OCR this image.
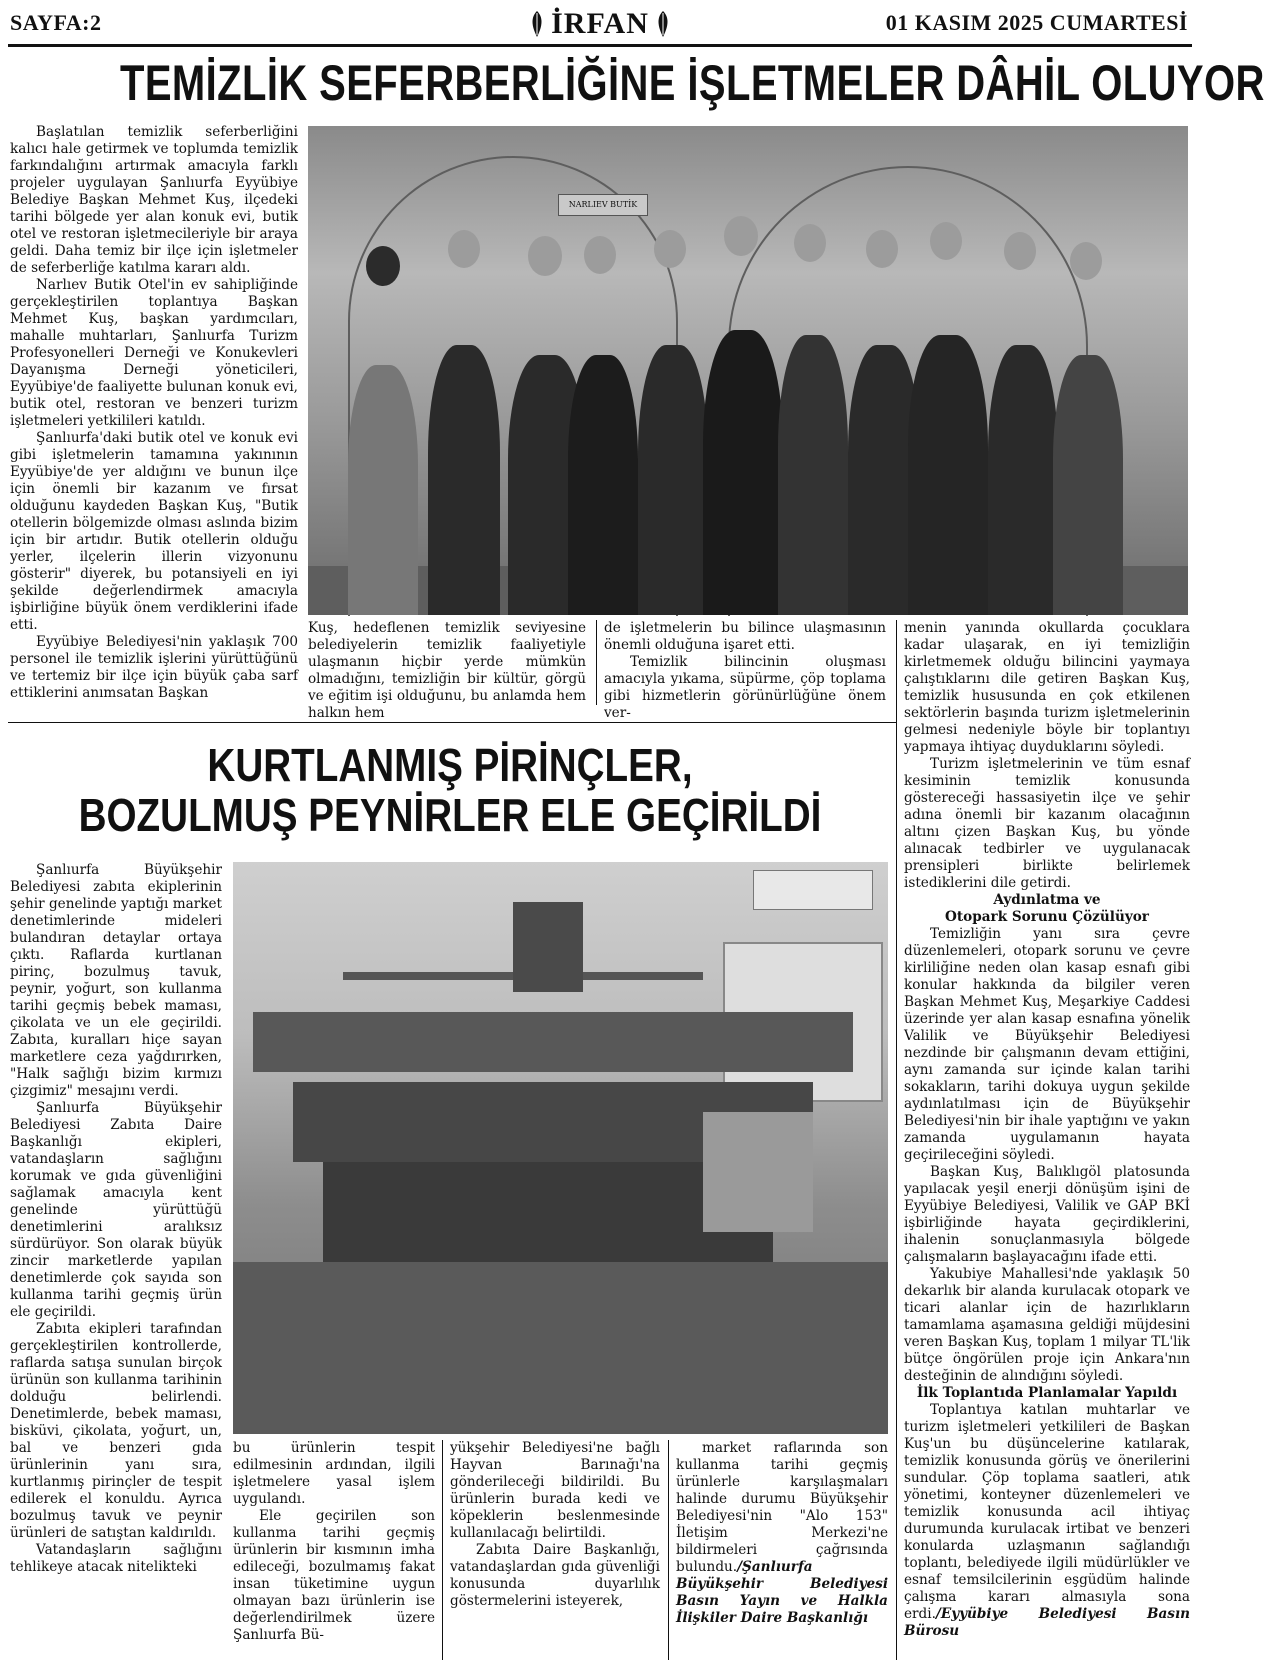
SAYFA:2	İRFAN	01 KASIM 2025 CUMARTESİ
TEMİZLİK SEFERBERLİĞİNE İŞLETMELER DÂHİL OLUYOR

Başlatılan temizlik seferberliğini kalıcı hale getirmek ve toplumda temizlik farkındalığını artırmak amacıyla farklı projeler uygulayan Şanlıurfa Eyyübiye Belediye Başkan Mehmet Kuş, ilçedeki tarihi bölgede yer alan konuk evi, butik otel ve restoran işletmecileriyle bir araya geldi. Daha temiz bir ilçe için işletmeler de seferberliğe katılma kararı aldı.

Narlıev Butik Otel'in ev sahipliğinde gerçekleştirilen toplantıya Başkan Mehmet Kuş, başkan yardımcıları, mahalle muhtarları, Şanlıurfa Turizm Profesyonelleri Derneği ve Konukevleri Dayanışma Derneği yöneticileri, Eyyübiye'de faaliyette bulunan konuk evi, butik otel, restoran ve benzeri turizm işletmeleri yetkilileri katıldı.

Şanlıurfa'daki butik otel ve konuk evi gibi işletmelerin tamamına yakınının Eyyübiye'de yer aldığını ve bunun ilçe için önemli bir kazanım ve fırsat olduğunu kaydeden Başkan Kuş, "Butik otellerin bölgemizde olması aslında bizim için bir artıdır. Butik otellerin olduğu yerler, ilçelerin illerin vizyonunu gösterir" diyerek, bu potansiyeli en iyi şekilde değerlendirmek amacıyla işbirliğine büyük önem verdiklerini ifade etti.

Eyyübiye Belediyesi'nin yaklaşık 700 personel ile temizlik işlerini yürüttüğünü ve tertemiz bir ilçe için büyük çaba sarf ettiklerini anımsatan Başkan

NARLIEV BUTİK

Kuş, hedeflenen temizlik seviyesine belediyelerin temizlik faaliyetiyle ulaşmanın hiçbir yerde mümkün olmadığını, temizliğin bir kültür, görgü ve eğitim işi olduğunu, bu anlamda hem halkın hem

de işletmelerin bu bilince ulaşmasının önemli olduğuna işaret etti.

Temizlik bilincinin oluşması amacıyla yıkama, süpürme, çöp toplama gibi hizmetlerin görünürlüğüne önem ver-

menin yanında okullarda çocuklara kadar ulaşarak, en iyi temizliğin kirletmemek olduğu bilincini yaymaya çalıştıklarını dile getiren Başkan Kuş, temizlik hususunda en çok etkilenen sektörlerin başında turizm işletmelerinin gelmesi nedeniyle böyle bir toplantıyı yapmaya ihtiyaç duyduklarını söyledi.

Turizm işletmelerinin ve tüm esnaf kesiminin temizlik konusunda göstereceği hassasiyetin ilçe ve şehir adına önemli bir kazanım olacağının altını çizen Başkan Kuş, bu yönde alınacak tedbirler ve uygulanacak prensipleri birlikte belirlemek istediklerini dile getirdi.

Aydınlatma ve

Otopark Sorunu Çözülüyor

Temizliğin yanı sıra çevre düzenlemeleri, otopark sorunu ve çevre kirliliğine neden olan kasap esnafı gibi konular hakkında da bilgiler veren Başkan Mehmet Kuş, Meşarkiye Caddesi üzerinde yer alan kasap esnafına yönelik Valilik ve Büyükşehir Belediyesi nezdinde bir çalışmanın devam ettiğini, aynı zamanda sur içinde kalan tarihi sokakların, tarihi dokuya uygun şekilde aydınlatılması için de Büyükşehir Belediyesi'nin bir ihale yaptığını ve yakın zamanda uygulamanın hayata geçirileceğini söyledi.

Başkan Kuş, Balıklıgöl platosunda yapılacak yeşil enerji dönüşüm işini de Eyyübiye Belediyesi, Valilik ve GAP BKİ işbirliğinde hayata geçirdiklerini, ihalenin sonuçlanmasıyla bölgede çalışmaların başlayacağını ifade etti.

Yakubiye Mahallesi'nde yaklaşık 50 dekarlık bir alanda kurulacak otopark ve ticari alanlar için de hazırlıkların tamamlama aşamasına geldiği müjdesini veren Başkan Kuş, toplam 1 milyar TL'lik bütçe öngörülen proje için Ankara'nın desteğinin de alındığını söyledi.

İlk Toplantıda Planlamalar Yapıldı

Toplantıya katılan muhtarlar ve turizm işletmeleri yetkilileri de Başkan Kuş'un bu düşüncelerine katılarak, temizlik konusunda görüş ve önerilerini sundular. Çöp toplama saatleri, atık yönetimi, konteyner düzenlemeleri ve temizlik konusunda acil ihtiyaç durumunda kurulacak irtibat ve benzeri konularda uzlaşmanın sağlandığı toplantı, belediyede ilgili müdürlükler ve esnaf temsilcilerinin eşgüdüm halinde çalışma kararı almasıyla sona erdi./Eyyübiye Belediyesi Basın Bürosu

KURTLANMIŞ PİRİNÇLER,
BOZULMUŞ PEYNİRLER ELE GEÇİRİLDİ

Şanlıurfa Büyükşehir Belediyesi zabıta ekiplerinin şehir genelinde yaptığı market denetimlerinde mideleri bulandıran detaylar ortaya çıktı. Raflarda kurtlanan pirinç, bozulmuş tavuk, peynir, yoğurt, son kullanma tarihi geçmiş bebek maması, çikolata ve un ele geçirildi. Zabıta, kuralları hiçe sayan marketlere ceza yağdırırken, "Halk sağlığı bizim kırmızı çizgimiz" mesajını verdi.

Şanlıurfa Büyükşehir Belediyesi Zabıta Daire Başkanlığı ekipleri, vatandaşların sağlığını korumak ve gıda güvenliğini sağlamak amacıyla kent genelinde yürüttüğü denetimlerini aralıksız sürdürüyor. Son olarak büyük zincir marketlerde yapılan denetimlerde çok sayıda son kullanma tarihi geçmiş ürün ele geçirildi.

Zabıta ekipleri tarafından gerçekleştirilen kontrollerde, raflarda satışa sunulan birçok ürünün son kullanma tarihinin dolduğu belirlendi. Denetimlerde, bebek maması, bisküvi, çikolata, yoğurt, un, bal ve benzeri gıda ürünlerinin yanı sıra, kurtlanmış pirinçler de tespit edilerek el konuldu. Ayrıca bozulmuş tavuk ve peynir ürünleri de satıştan kaldırıldı.

Vatandaşların sağlığını tehlikeye atacak nitelikteki

bu ürünlerin tespit edilmesinin ardından, ilgili işletmelere yasal işlem uygulandı.

Ele geçirilen son kullanma tarihi geçmiş ürünlerin bir kısmının imha edileceği, bozulmamış fakat insan tüketimine uygun olmayan bazı ürünlerin ise değerlendirilmek üzere Şanlıurfa Bü-

yükşehir Belediyesi'ne bağlı Hayvan Barınağı'na gönderileceği bildirildi. Bu ürünlerin burada kedi ve köpeklerin beslenmesinde kullanılacağı belirtildi.

Zabıta Daire Başkanlığı, vatandaşlardan gıda güvenliği konusunda duyarlılık göstermelerini isteyerek,

market raflarında son kullanma tarihi geçmiş ürünlerle karşılaşmaları halinde durumu Büyükşehir Belediyesi'nin "Alo 153" İletişim Merkezi'ne bildirmeleri çağrısında bulundu./Şanlıurfa Büyükşehir Belediyesi Basın Yayın ve Halkla İlişkiler Daire Başkanlığı
